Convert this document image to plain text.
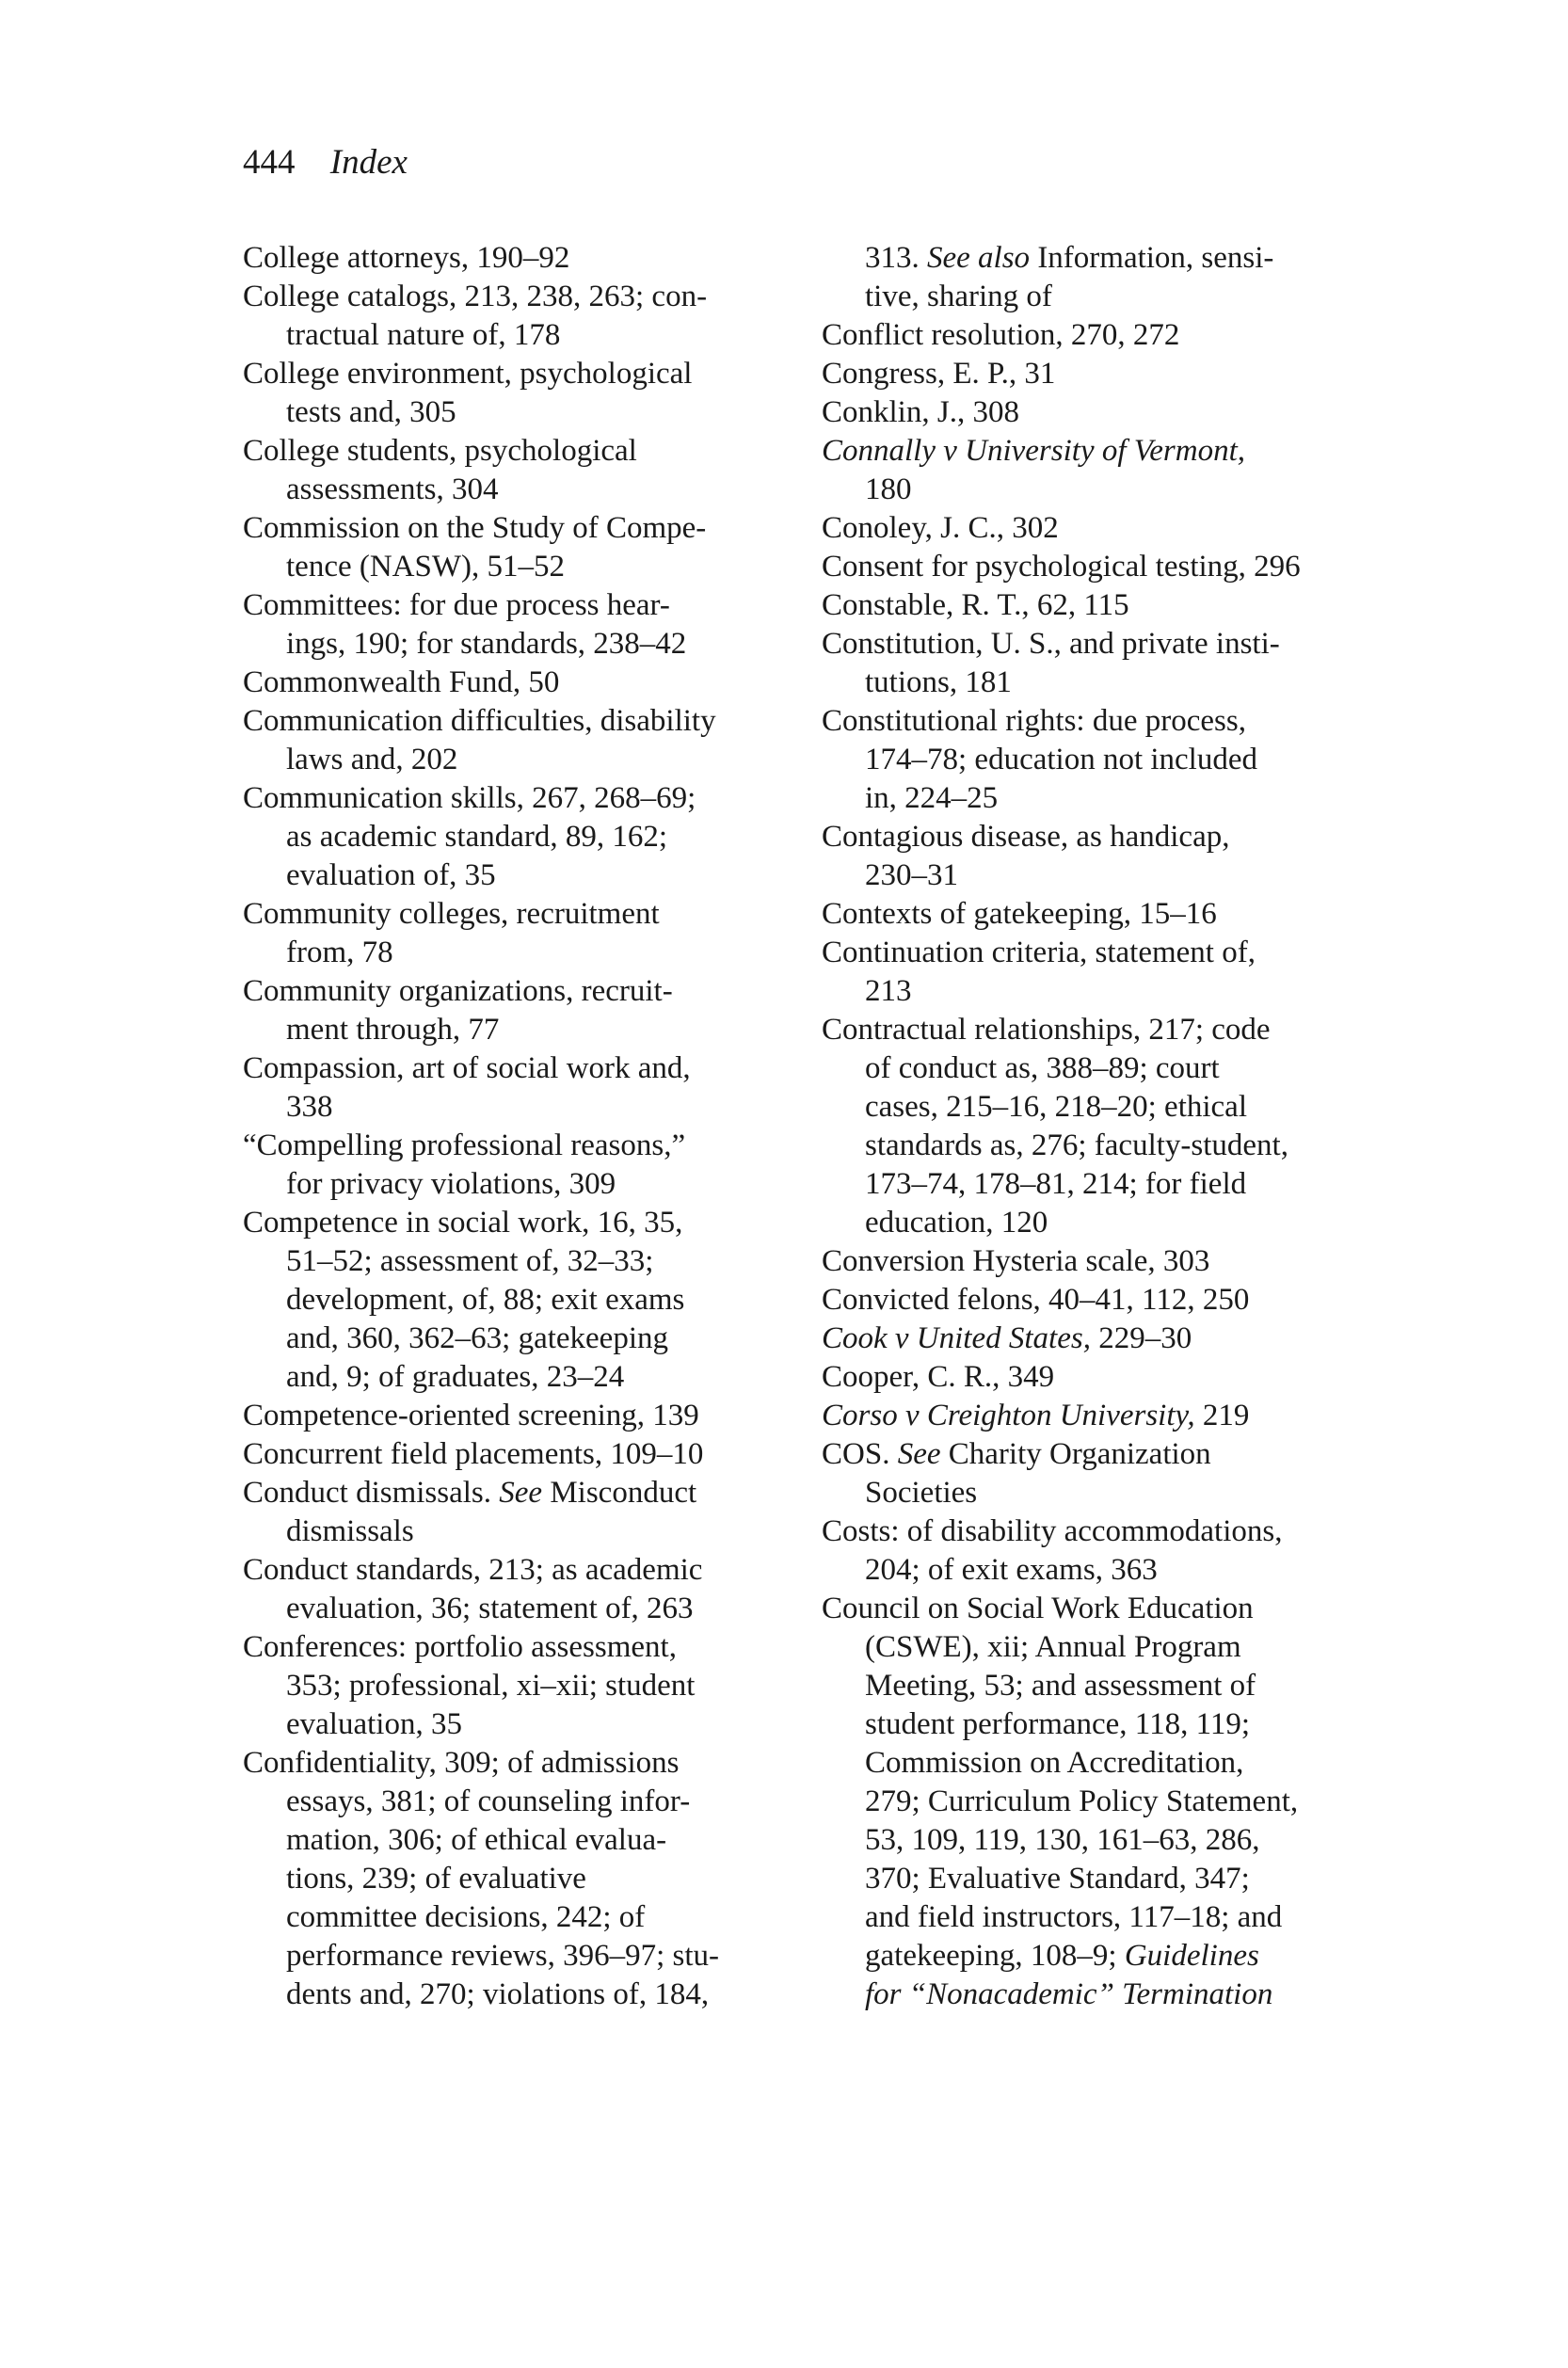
444 Index
College attorneys, 190–92
College catalogs, 213, 238, 263; con-
tractual nature of, 178
College environment, psychological
tests and, 305
College students, psychological
assessments, 304
Commission on the Study of Compe-
tence (NASW), 51–52
Committees: for due process hear-
ings, 190; for standards, 238–42
Commonwealth Fund, 50
Communication difficulties, disability
laws and, 202
Communication skills, 267, 268–69;
as academic standard, 89, 162;
evaluation of, 35
Community colleges, recruitment
from, 78
Community organizations, recruit-
ment through, 77
Compassion, art of social work and,
338
“Compelling professional reasons,”
for privacy violations, 309
Competence in social work, 16, 35,
51–52; assessment of, 32–33;
development, of, 88; exit exams
and, 360, 362–63; gatekeeping
and, 9; of graduates, 23–24
Competence-oriented screening, 139
Concurrent field placements, 109–10
Conduct dismissals. See Misconduct
dismissals
Conduct standards, 213; as academic
evaluation, 36; statement of, 263
Conferences: portfolio assessment,
353; professional, xi–xii; student
evaluation, 35
Confidentiality, 309; of admissions
essays, 381; of counseling infor-
mation, 306; of ethical evalua-
tions, 239; of evaluative
committee decisions, 242; of
performance reviews, 396–97; stu-
dents and, 270; violations of, 184,
313. See also Information, sensi-
tive, sharing of
Conflict resolution, 270, 272
Congress, E. P., 31
Conklin, J., 308
Connally v University of Vermont,
180
Conoley, J. C., 302
Consent for psychological testing, 296
Constable, R. T., 62, 115
Constitution, U. S., and private insti-
tutions, 181
Constitutional rights: due process,
174–78; education not included
in, 224–25
Contagious disease, as handicap,
230–31
Contexts of gatekeeping, 15–16
Continuation criteria, statement of,
213
Contractual relationships, 217; code
of conduct as, 388–89; court
cases, 215–16, 218–20; ethical
standards as, 276; faculty-student,
173–74, 178–81, 214; for field
education, 120
Conversion Hysteria scale, 303
Convicted felons, 40–41, 112, 250
Cook v United States, 229–30
Cooper, C. R., 349
Corso v Creighton University, 219
COS. See Charity Organization
Societies
Costs: of disability accommodations,
204; of exit exams, 363
Council on Social Work Education
(CSWE), xii; Annual Program
Meeting, 53; and assessment of
student performance, 118, 119;
Commission on Accreditation,
279; Curriculum Policy Statement,
53, 109, 119, 130, 161–63, 286,
370; Evaluative Standard, 347;
and field instructors, 117–18; and
gatekeeping, 108–9; Guidelines
for “Nonacademic” Termination
